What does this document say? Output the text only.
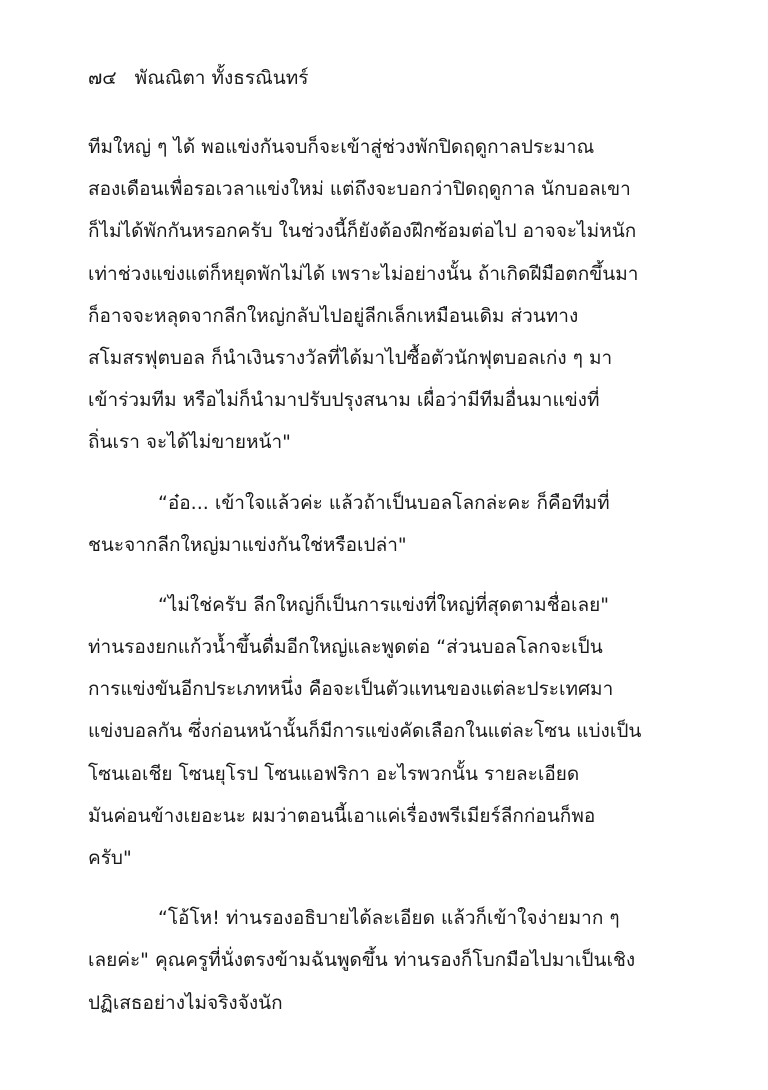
๗๔ พัณณิตา ทั้งธรณินทร์
ทีมใหญ่ ๆ ได้ พอแข่งกันจบก็จะเข้าสู่ช่วงพักปิดฤดูกาลประมาณ
สองเดือนเพื่อรอเวลาแข่งใหม่ แต่ถึงจะบอกว่าปิดฤดูกาล นักบอลเขา
ก็ไม่ได้พักกันหรอกครับ ในช่วงนี้ก็ยังต้องฝึกซ้อมต่อไป อาจจะไม่หนัก
เท่าช่วงแข่งแต่ก็หยุดพักไม่ได้ เพราะไม่อย่างนั้น ถ้าเกิดฝีมือตกขึ้นมา
ก็อาจจะหลุดจากลีกใหญ่กลับไปอยู่ลีกเล็กเหมือนเดิม ส่วนทาง
สโมสรฟุตบอล ก็นำเงินรางวัลที่ได้มาไปซื้อตัวนักฟุตบอลเก่ง ๆ มา
เข้าร่วมทีม หรือไม่ก็นำมาปรับปรุงสนาม เผื่อว่ามีทีมอื่นมาแข่งที่
ถิ่นเรา จะได้ไม่ขายหน้า"
“อ๋อ... เข้าใจแล้วค่ะ แล้วถ้าเป็นบอลโลกล่ะคะ ก็คือทีมที่
ชนะจากลีกใหญ่มาแข่งกันใช่หรือเปล่า"
“ไม่ใช่ครับ ลีกใหญ่ก็เป็นการแข่งที่ใหญ่ที่สุดตามชื่อเลย"
ท่านรองยกแก้วน้ำขึ้นดื่มอีกใหญ่และพูดต่อ “ส่วนบอลโลกจะเป็น
การแข่งขันอีกประเภทหนึ่ง คือจะเป็นตัวแทนของแต่ละประเทศมา
แข่งบอลกัน ซึ่งก่อนหน้านั้นก็มีการแข่งคัดเลือกในแต่ละโซน แบ่งเป็น
โซนเอเชีย โซนยุโรป โซนแอฟริกา อะไรพวกนั้น รายละเอียด
มันค่อนข้างเยอะนะ ผมว่าตอนนี้เอาแค่เรื่องพรีเมียร์ลีกก่อนก็พอ
ครับ"
“โอ้โห! ท่านรองอธิบายได้ละเอียด แล้วก็เข้าใจง่ายมาก ๆ
เลยค่ะ" คุณครูที่นั่งตรงข้ามฉันพูดขึ้น ท่านรองก็โบกมือไปมาเป็นเชิง
ปฏิเสธอย่างไม่จริงจังนัก
